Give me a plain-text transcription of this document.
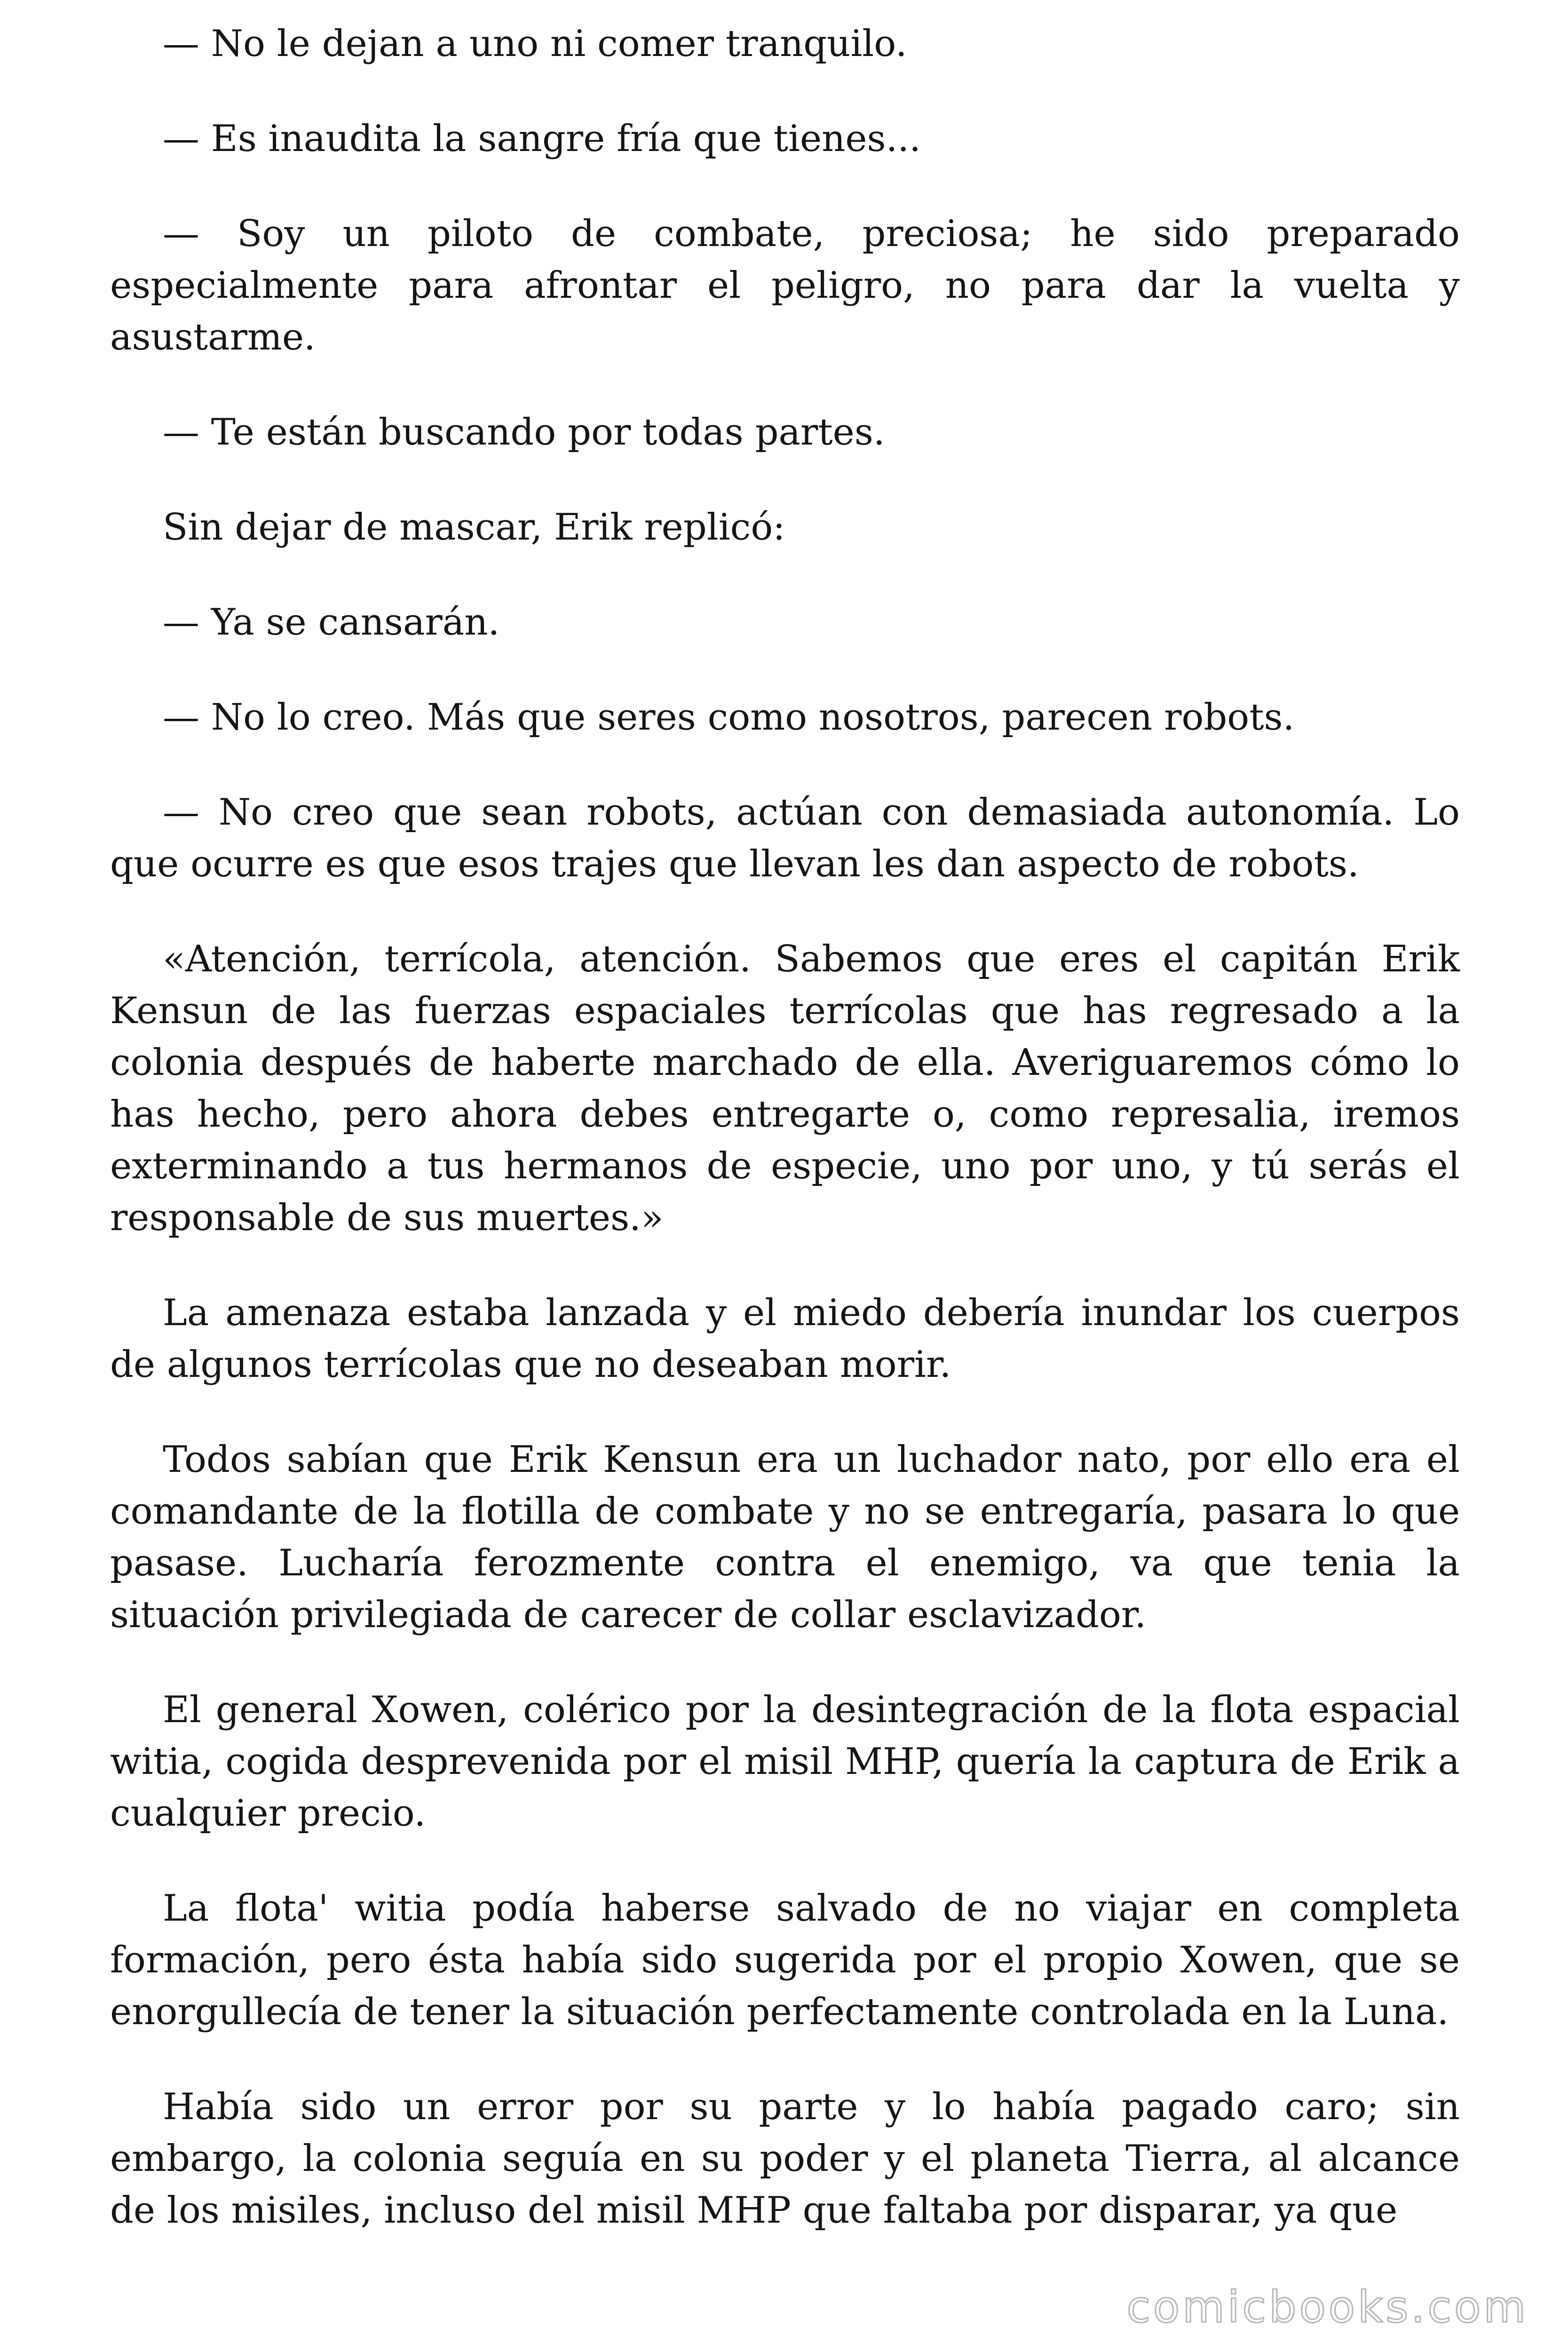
— No le dejan a uno ni comer tranquilo.

— Es inaudita la sangre fría que tienes...

— Soy un piloto de combate, preciosa; he sido preparado especialmente para afrontar el peligro, no para dar la vuelta y asustarme.

— Te están buscando por todas partes.

Sin dejar de mascar, Erik replicó:

— Ya se cansarán.

— No lo creo. Más que seres como nosotros, parecen robots.

— No creo que sean robots, actúan con demasiada autonomía. Lo que ocurre es que esos trajes que llevan les dan aspecto de robots.

«Atención, terrícola, atención. Sabemos que eres el capitán Erik Kensun de las fuerzas espaciales terrícolas que has regresado a la colonia después de haberte marchado de ella. Averiguaremos cómo lo has hecho, pero ahora debes entregarte o, como represalia, iremos exterminando a tus hermanos de especie, uno por uno, y tú serás el responsable de sus muertes.»

La amenaza estaba lanzada y el miedo debería inundar los cuerpos de algunos terrícolas que no deseaban morir.

Todos sabían que Erik Kensun era un luchador nato, por ello era el comandante de la flotilla de combate y no se entregaría, pasara lo que pasase. Lucharía ferozmente contra el enemigo, va que tenia la situación privilegiada de carecer de collar esclavizador.

El general Xowen, colérico por la desintegración de la flota espacial witia, cogida desprevenida por el misil MHP, quería la captura de Erik a cualquier precio.

La flota' witia podía haberse salvado de no viajar en completa formación, pero ésta había sido sugerida por el propio Xowen, que se enorgullecía de tener la situación perfectamente controlada en la Luna.

Había sido un error por su parte y lo había pagado caro; sin embargo, la colonia seguía en su poder y el planeta Tierra, al alcance de los misiles, incluso del misil MHP que faltaba por disparar, ya que

comicbooks.com
